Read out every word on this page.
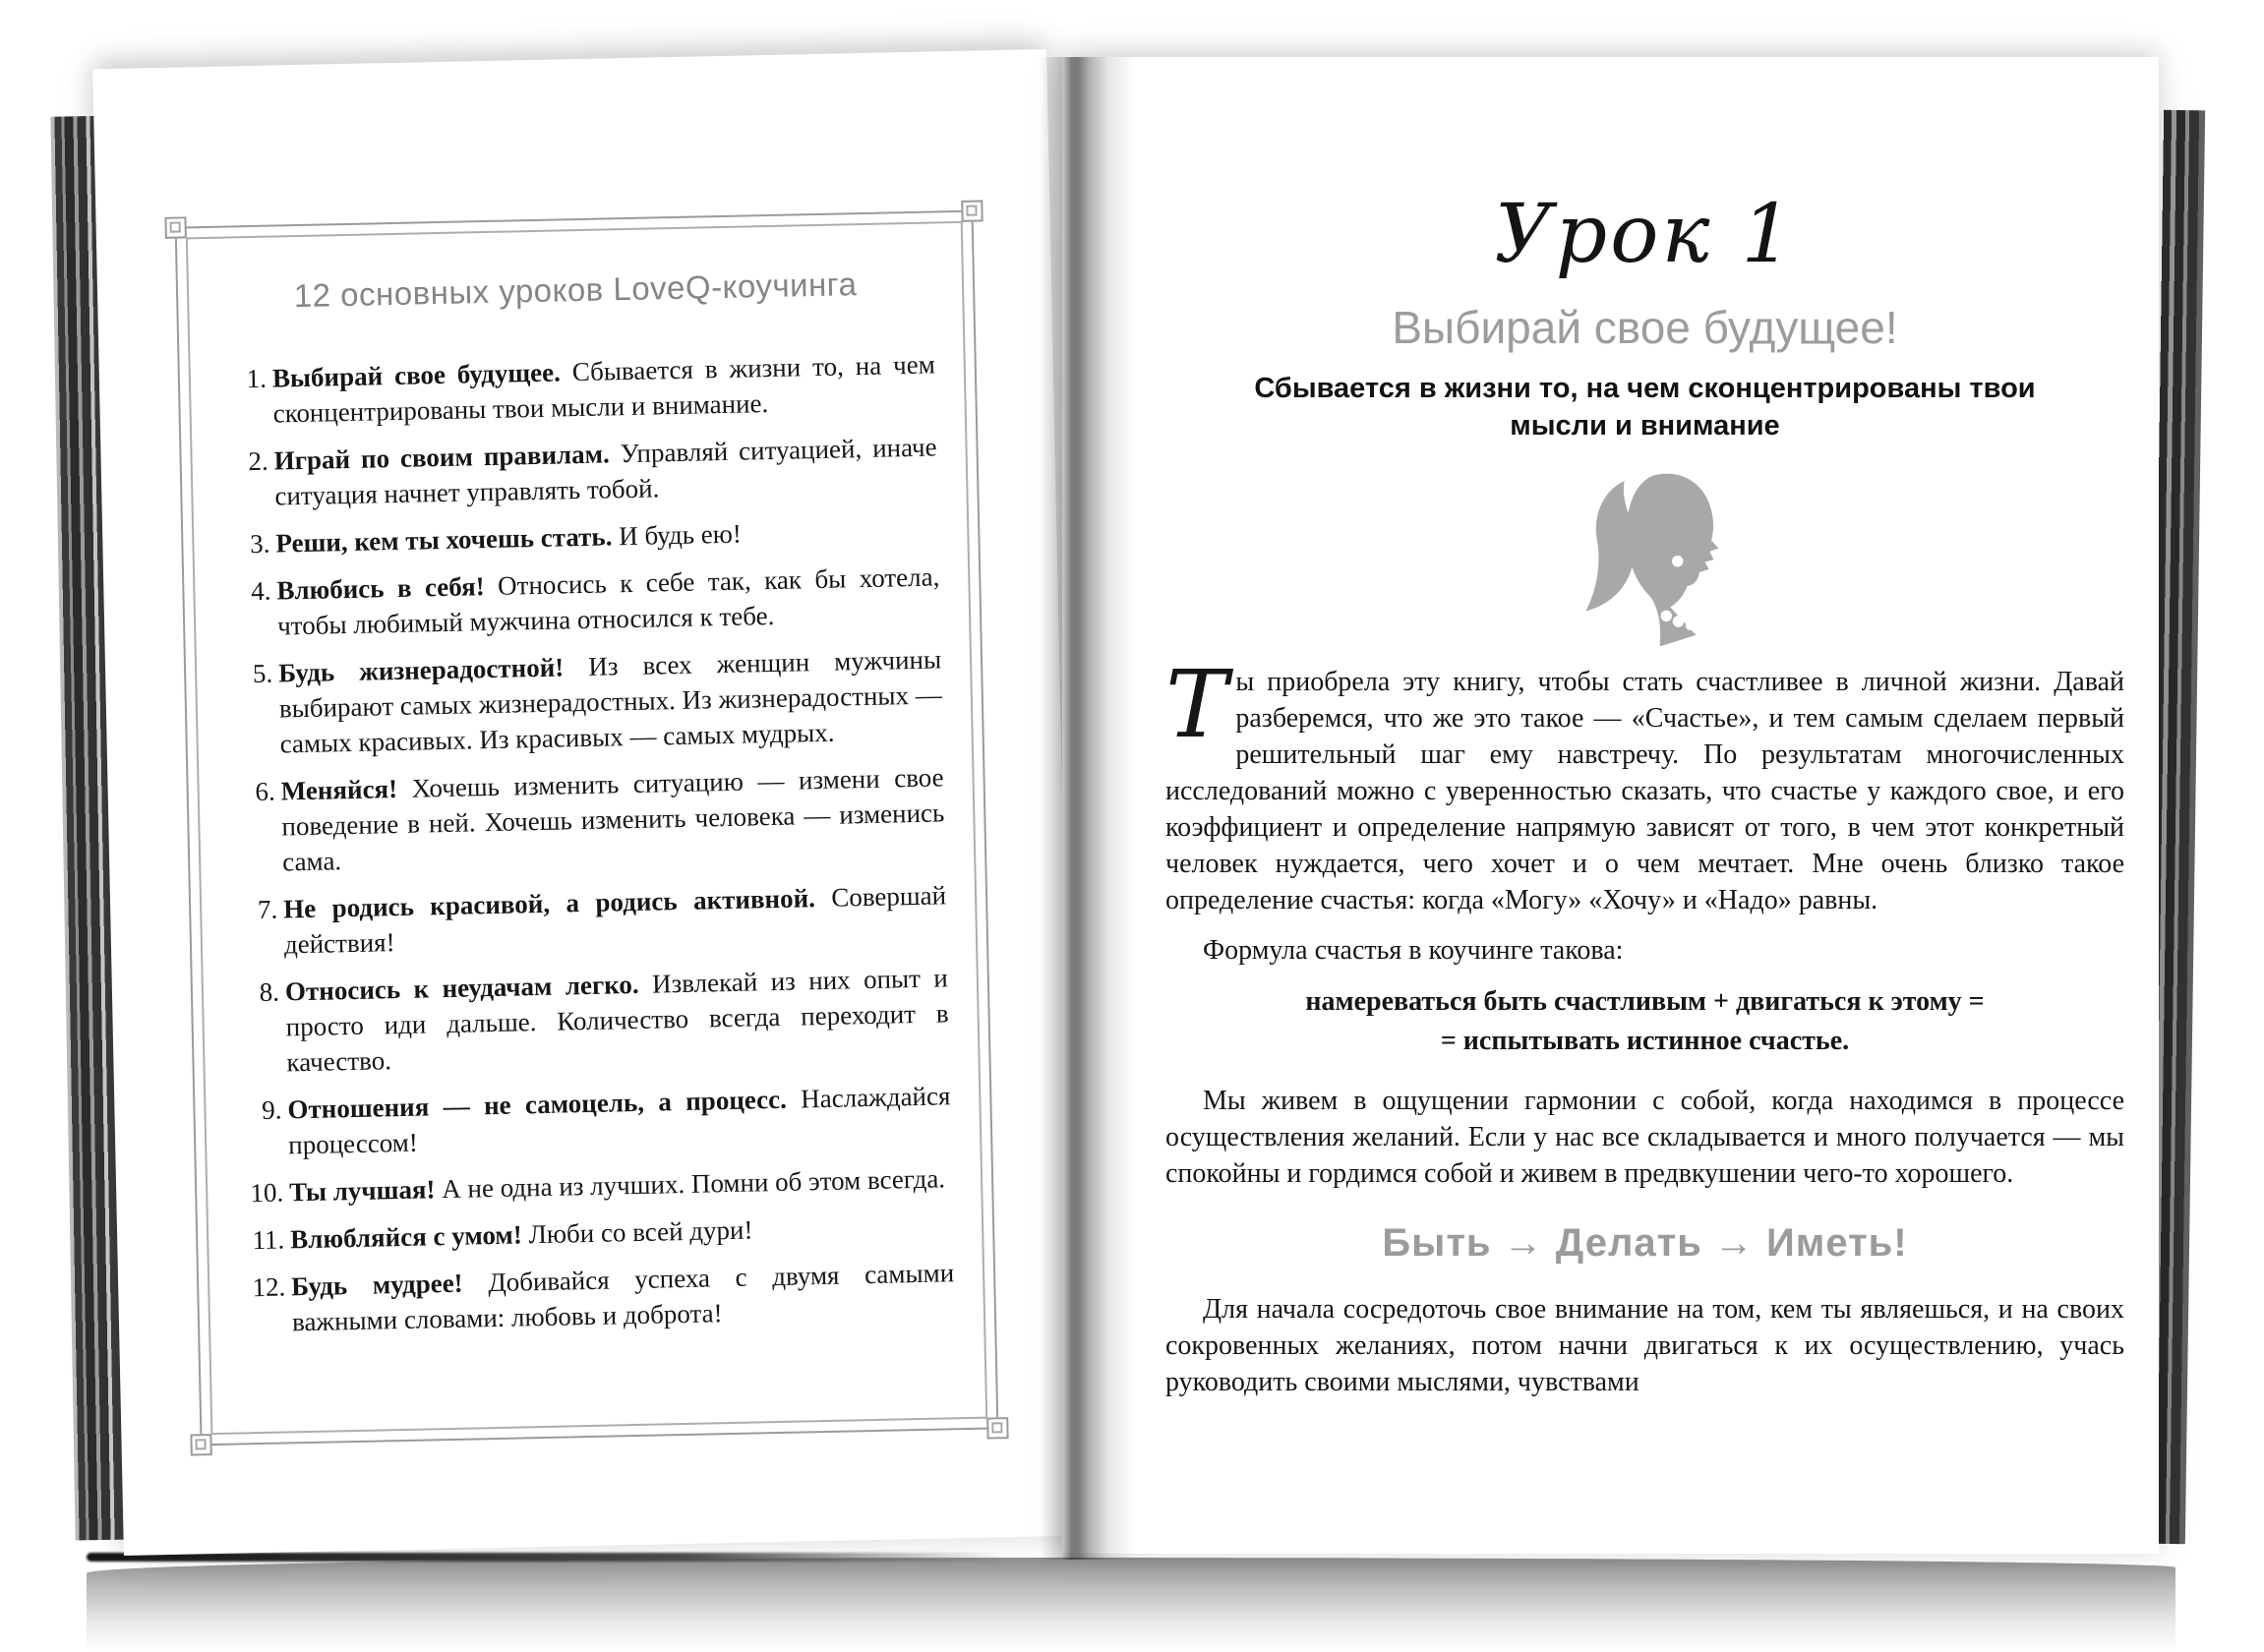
12 основных уроков LoveQ-коучинга
1. Выбирай свое будущее. Сбывается в жизни то, на чем сконцентрированы твои мысли и внимание.
2. Играй по своим правилам. Управляй ситуацией, иначе ситуация начнет управлять тобой.
3. Реши, кем ты хочешь стать. И будь ею!
4. Влюбись в себя! Относись к себе так, как бы хотела, чтобы любимый мужчина относился к тебе.
5. Будь жизнерадостной! Из всех женщин мужчины выбирают самых жизнерадостных. Из жизнерадостных — самых красивых. Из красивых — самых мудрых.
6. Меняйся! Хочешь изменить ситуацию — измени свое поведение в ней. Хочешь изменить человека — изменись сама.
7. Не родись красивой, а родись активной. Совершай действия!
8. Относись к неудачам легко. Извлекай из них опыт и просто иди дальше. Количество всегда переходит в качество.
9. Отношения — не самоцель, а процесс. Наслаждайся процессом!
10. Ты лучшая! А не одна из лучших. Помни об этом всегда.
11. Влюбляйся с умом! Люби со всей дури!
12. Будь мудрее! Добивайся успеха с двумя самыми важными словами: любовь и доброта!
Урок 1
Выбирай свое будущее!
Сбывается в жизни то, на чем сконцентрированы твои
мысли и внимание

Ты приобрела эту книгу, чтобы стать счастливее в личной жизни. Давай разберемся, что же это такое — «Счастье», и тем самым сделаем первый решительный шаг ему навстречу. По результатам многочисленных исследований можно с уверенностью сказать, что счастье у каждого свое, и его коэффициент и определение напрямую зависят от того, в чем этот конкретный человек нуждается, чего хочет и о чем мечтает. Мне очень близко такое определение счастья: когда «Могу» «Хочу» и «Надо» равны.

Формула счастья в коучинге такова:

намереваться быть счастливым + двигаться к этому =
= испытывать истинное счастье.

Мы живем в ощущении гармонии с собой, когда находимся в процессе осуществления желаний. Если у нас все складывается и много получается — мы спокойны и гордимся собой и живем в предвкушении чего-то хорошего.

Быть → Делать → Иметь!

Для начала сосредоточь свое внимание на том, кем ты являешься, и на своих сокровенных желаниях, потом начни двигаться к их осуществлению, учась руководить своими мыслями, чувствами
